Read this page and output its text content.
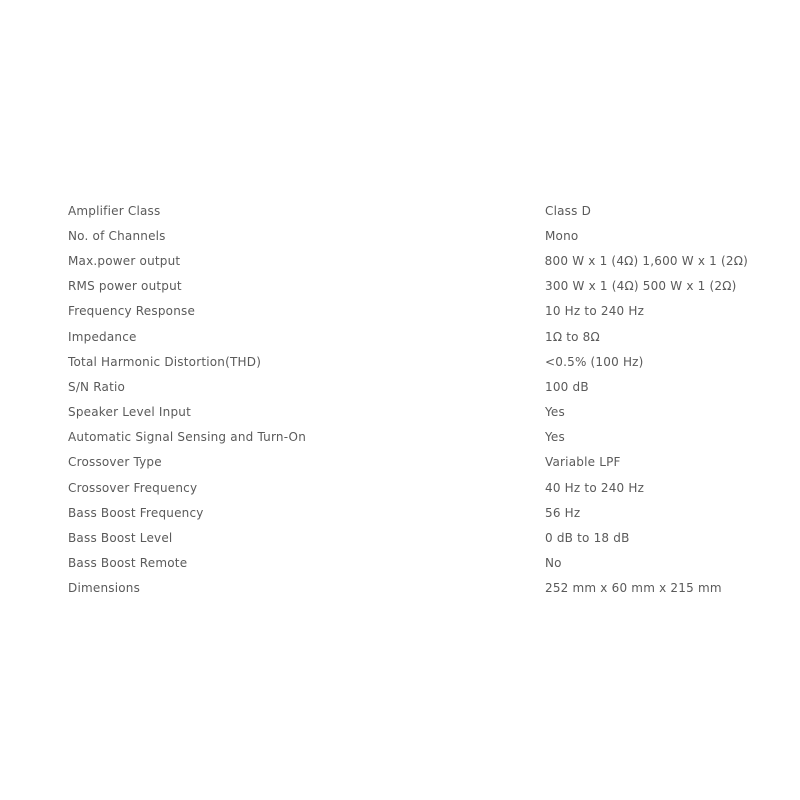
Amplifier Class	Class D
No. of Channels	Mono
Max.power output	800 W x 1 (4Ω) 1,600 W x 1 (2Ω)
RMS power output	300 W x 1 (4Ω) 500 W x 1 (2Ω)
Frequency Response	10 Hz to 240 Hz
Impedance	1Ω to 8Ω
Total Harmonic Distortion(THD)	<0.5% (100 Hz)
S/N Ratio	100 dB
Speaker Level Input	Yes
Automatic Signal Sensing and Turn-On	Yes
Crossover Type	Variable LPF
Crossover Frequency	40 Hz to 240 Hz
Bass Boost Frequency	56 Hz
Bass Boost Level	0 dB to 18 dB
Bass Boost Remote	No
Dimensions	252 mm x 60 mm x 215 mm
